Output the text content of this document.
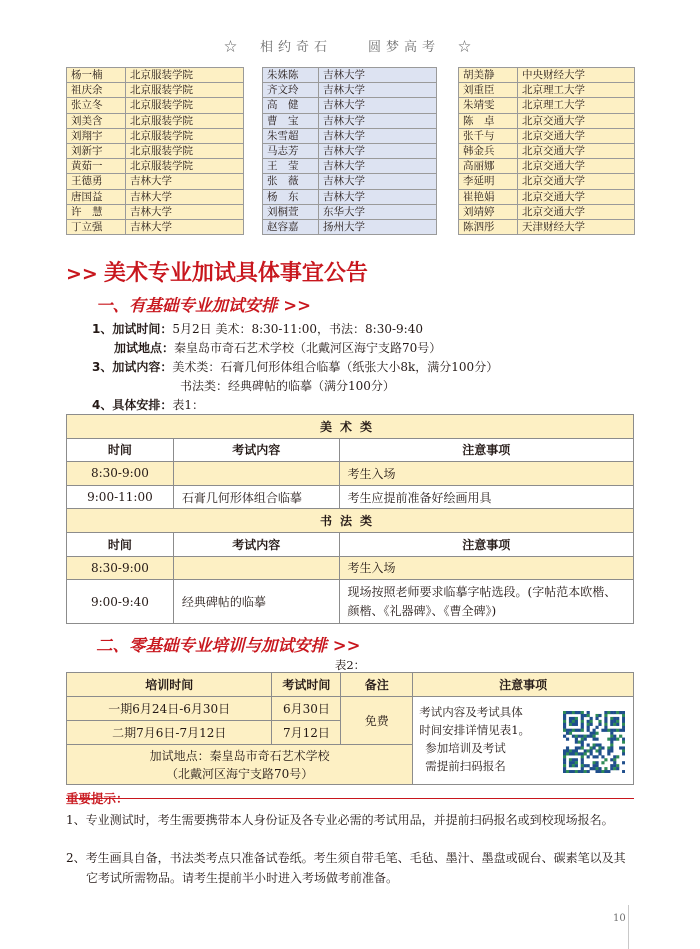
☆　相约奇石　　圆梦高考　☆
杨一楠	北京服装学院
祖庆余	北京服装学院
张立冬	北京服装学院
刘美含	北京服装学院
刘翔宇	北京服装学院
刘新宇	北京服装学院
黄茹一	北京服装学院
王德勇	吉林大学
唐国益	吉林大学
许　慧	吉林大学
丁立强	吉林大学
朱姝陈	吉林大学
齐文玲	吉林大学
高　健	吉林大学
曹　宝	吉林大学
朱雪超	吉林大学
马志芳	吉林大学
王　莹	吉林大学
张　薇	吉林大学
杨　东	吉林大学
刘桐萱	东华大学
赵容嘉	扬州大学
胡美静	中央财经大学
刘重臣	北京理工大学
朱靖雯	北京理工大学
陈　卓	北京交通大学
张千与	北京交通大学
韩金兵	北京交通大学
高丽娜	北京交通大学
李延明	北京交通大学
崔艳娟	北京交通大学
刘靖婷	北京交通大学
陈泗彤	天津财经大学
>> 美术专业加试具体事宜公告
一、有基础专业加试安排 >>
1、加试时间：5月2日 美术：8:30-11:00，书法：8:30-9:40
加试地点：秦皇岛市奇石艺术学校（北戴河区海宁支路70号）
3、加试内容：美术类：石膏几何形体组合临摹（纸张大小8k，满分100分）
书法类：经典碑帖的临摹（满分100分）
4、具体安排：表1：
美术类		
时间	考试内容	注意事项
8:30-9:00		考生入场
9:00-11:00	石膏几何形体组合临摹	考生应提前准备好绘画用具
书法类		
时间	考试内容	注意事项
8:30-9:00		考生入场
9:00-9:40	经典碑帖的临摹	现场按照老师要求临摹字帖选段。(字帖范本欧楷、颜楷、《礼器碑》、《曹全碑》)
二、零基础专业培训与加试安排 >>
表2：
培训时间	考试时间	备注	注意事项
一期6月24日-6月30日	6月30日	免费	考试内容及考试具体
时间安排详情见表1。
参加培训及考试
需提前扫码报名

二期7月6日-7月12日	7月12日		

加试地点：秦皇岛市奇石艺术学校
（北戴河区海宁支路70号）			
重要提示：
1、专业测试时，考生需要携带本人身份证及各专业必需的考试用品，并提前扫码报名或到校现场报名。
2、考生画具自备，书法类考点只准备试卷纸。考生须自带毛笔、毛毡、墨汁、墨盘或砚台、碳素笔以及其它考试所需物品。请考生提前半小时进入考场做考前准备。
10
